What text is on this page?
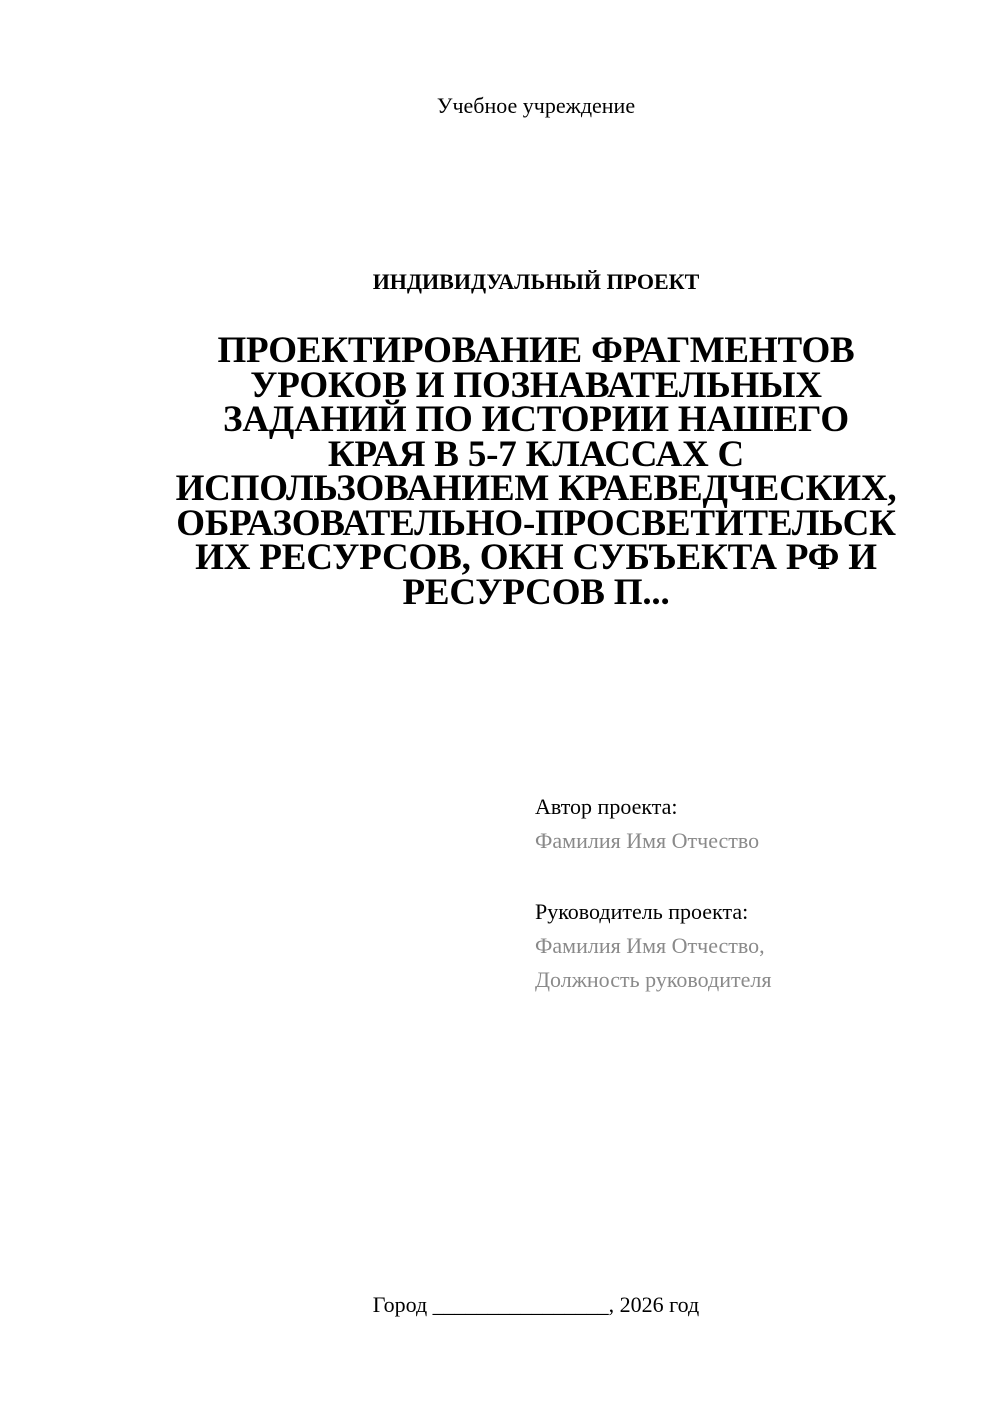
Учебное учреждение
ИНДИВИДУАЛЬНЫЙ ПРОЕКТ
ПРОЕКТИРОВАНИЕ ФРАГМЕНТОВ
УРОКОВ И ПОЗНАВАТЕЛЬНЫХ
ЗАДАНИЙ ПО ИСТОРИИ НАШЕГО
КРАЯ В 5-7 КЛАССАХ С
ИСПОЛЬЗОВАНИЕМ КРАЕВЕДЧЕСКИХ,
ОБРАЗОВАТЕЛЬНО-ПРОСВЕТИТЕЛЬСК
ИХ РЕСУРСОВ, ОКН СУБЪЕКТА РФ И
РЕСУРСОВ П...
Автор проекта:
Фамилия Имя Отчество
Руководитель проекта:
Фамилия Имя Отчество,
Должность руководителя
Город ________________, 2026 год
